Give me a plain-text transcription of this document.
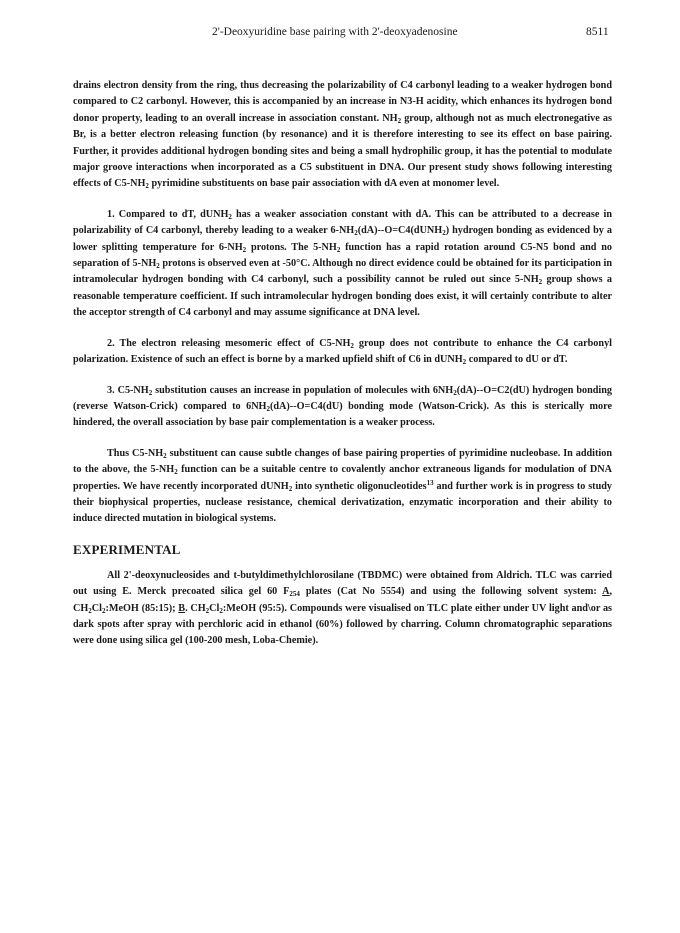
2'-Deoxyuridine base pairing with 2'-deoxyadenosine	8511

drains electron density from the ring, thus decreasing the polarizability of C4 carbonyl leading to a weaker hydrogen bond compared to C2 carbonyl. However, this is accompanied by an increase in N3-H acidity, which enhances its hydrogen bond donor property, leading to an overall increase in association constant. $NH_2$ group, although not as much electronegative as Br, is a better electron releasing function (by resonance) and it is therefore interesting to see its effect on base pairing. Further, it provides additional hydrogen bonding sites and being a small hydrophilic group, it has the potential to modulate major groove interactions when incorporated as a C5 substituent in DNA. Our present study shows following interesting effects of $C5-NH_2$ pyrimidine substituents on base pair association with dA even at monomer level.

1. Compared to dT, dUNH$_2$ has a weaker association constant with dA. This can be attributed to a decrease in polarizability of C4 carbonyl, thereby leading to a weaker $6-NH_2(dA)--O=C4(dUNH_2)$ hydrogen bonding as evidenced by a lower splitting temperature for $6-NH_2$ protons. The $5-NH_2$ function has a rapid rotation around C5-N5 bond and no separation of $5-NH_2$ protons is observed even at -50°C. Although no direct evidence could be obtained for its participation in intramolecular hydrogen bonding with C4 carbonyl, such a possibility cannot be ruled out since $5-NH_2$ group shows a reasonable temperature coefficient. If such intramolecular hydrogen bonding does exist, it will certainly contribute to alter the acceptor strength of C4 carbonyl and may assume significance at DNA level.

2. The electron releasing mesomeric effect of $C5-NH_2$ group does not contribute to enhance the C4 carbonyl polarization. Existence of such an effect is borne by a marked upfield shift of C6 in dUNH$_2$ compared to dU or dT.

3. $C5-NH_2$ substitution causes an increase in population of molecules with $6NH_2(dA)--O=C2(dU)$ hydrogen bonding (reverse Watson-Crick) compared to $6NH_2(dA)--O=C4(dU)$ bonding mode (Watson-Crick). As this is sterically more hindered, the overall association by base pair complementation is a weaker process.

Thus $C5-NH_2$ substituent can cause subtle changes of base pairing properties of pyrimidine nucleobase. In addition to the above, the $5-NH_2$ function can be a suitable centre to covalently anchor extraneous ligands for modulation of DNA properties. We have recently incorporated dUNH$_2$ into synthetic oligonucleotides$^{13}$ and further work is in progress to study their biophysical properties, nuclease resistance, chemical derivatization, enzymatic incorporation and their ability to induce directed mutation in biological systems.

EXPERIMENTAL

All 2'-deoxynucleosides and t-butyldimethylchlorosilane (TBDMC) were obtained from Aldrich. TLC was carried out using E. Merck precoated silica gel 60 $F_{254}$ plates (Cat No 5554) and using the following solvent system: A, $CH_2Cl_2:MeOH$ (85:15); B. $CH_2Cl_2:MeOH$ (95:5). Compounds were visualised on TLC plate either under UV light and\or as dark spots after spray with perchloric acid in ethanol (60%) followed by charring. Column chromatographic separations were done using silica gel (100-200 mesh, Loba-Chemie).
